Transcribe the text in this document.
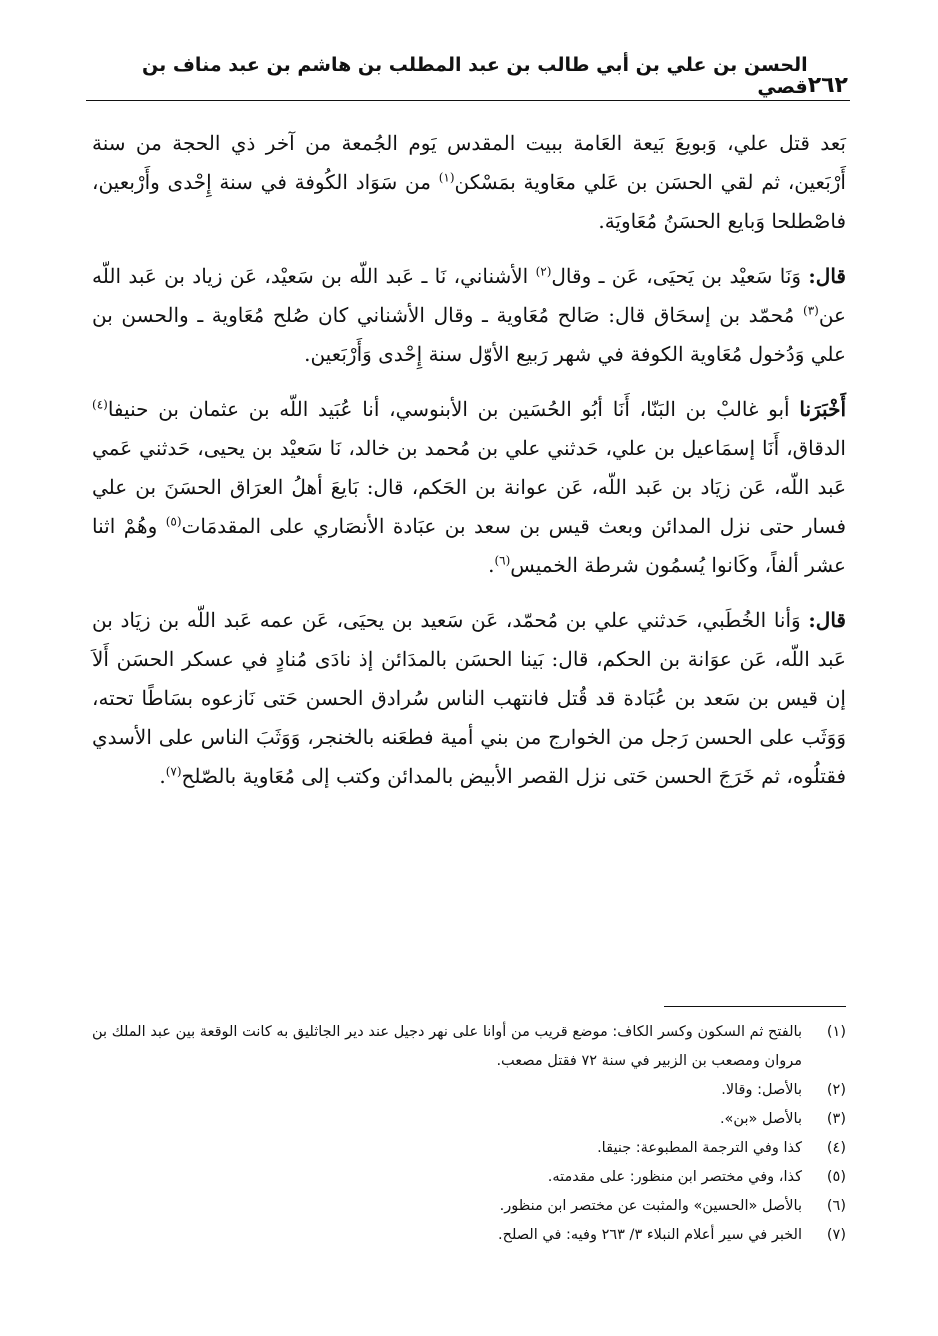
٢٦٢
الحسن بن علي بن أبي طالب بن عبد المطلب بن هاشم بن عبد مناف بن قصي

بَعد قتل علي، وَبويعَ بَيعة العَامة ببيت المقدس يَوم الجُمعة من آخر ذي الحجة من سنة أَرْبَعين، ثم لقي الحسَن بن عَلي معَاوية بمَسْكن$^{(١)}$ من سَوَاد الكُوفة في سنة إِحْدى وأَرْبعين، فاصْطلحا وَبايع الحسَنُ مُعَاويَة.

قال: وَنَا سَعيْد بن يَحيَى، عَن ـ وقال$^{(٢)}$ الأشناني، نَا ـ عَبد اللّه بن سَعيْد، عَن زياد بن عَبد اللّه عن$^{(٣)}$ مُحمّد بن إسحَاق قال: صَالح مُعَاوية ـ وقال الأشناني كان صُلح مُعَاوية ـ والحسن بن علي وَدُخول مُعَاوية الكوفة في شهر رَبيع الأوّل سنة إِحْدى وَأَرْبَعين.

أَخْبَرَنا أبو غالبْ بن البَنّا، أَنَا أبُو الحُسَين بن الأبنوسي، أنا عُبَيد اللّه بن عثمان بن حنيفا$^{(٤)}$ الدقاق، أَنَا إسمَاعيل بن علي، حَدثني علي بن مُحمد بن خالد، نَا سَعيْد بن يحيى، حَدثني عَمي عَبد اللّه، عَن زيَاد بن عَبد اللّه، عَن عوانة بن الحَكم، قال: بَايعَ أهلُ العرَاق الحسَنَ بن علي فسار حتى نزل المدائن وبعث قيس بن سعد بن عبَادة الأنصَاري على المقدمَات$^{(٥)}$ وهُمْ اثنا عشر ألفاً، وكَانوا يُسمُون شرطة الخميس$^{(٦)}$.

قال: وَأنا الخُطَبي، حَدثني علي بن مُحمّد، عَن سَعيد بن يحيَى، عَن عمه عَبد اللّه بن زيَاد بن عَبد اللّه، عَن عوَانة بن الحكم، قال: بَينا الحسَن بالمدَائن إذ نادَى مُنادٍ في عسكر الحسَن أَلاَ إن قيس بن سَعد بن عُبَادة قد قُتل فانتهب الناس سُرادق الحسن حَتى نَازعوه بسَاطًا تحته، وَوَثَب على الحسن رَجل من الخوارج من بني أمية فطعَنه بالخنجر، وَوَثَبَ الناس على الأسدي فقتلُوه، ثم خَرَجَ الحسن حَتى نزل القصر الأبيض بالمدائن وكتب إلى مُعَاوية بالصّلح$^{(٧)}$.

(١)
بالفتح ثم السكون وكسر الكاف: موضع قريب من أوانا على نهر دجيل عند دير الجاثليق به كانت الوقعة بين عبد الملك بن مروان ومصعب بن الزبير في سنة ٧٢ فقتل مصعب.
(٢)
بالأصل: وقالا.
(٣)
بالأصل «بن».
(٤)
كذا وفي الترجمة المطبوعة: جنيقا.
(٥)
كذا، وفي مختصر ابن منظور: على مقدمته.
(٦)
بالأصل «الحسين» والمثبت عن مختصر ابن منظور.
(٧)
الخبر في سير أعلام النبلاء ٣/ ٢٦٣ وفيه: في الصلح.
